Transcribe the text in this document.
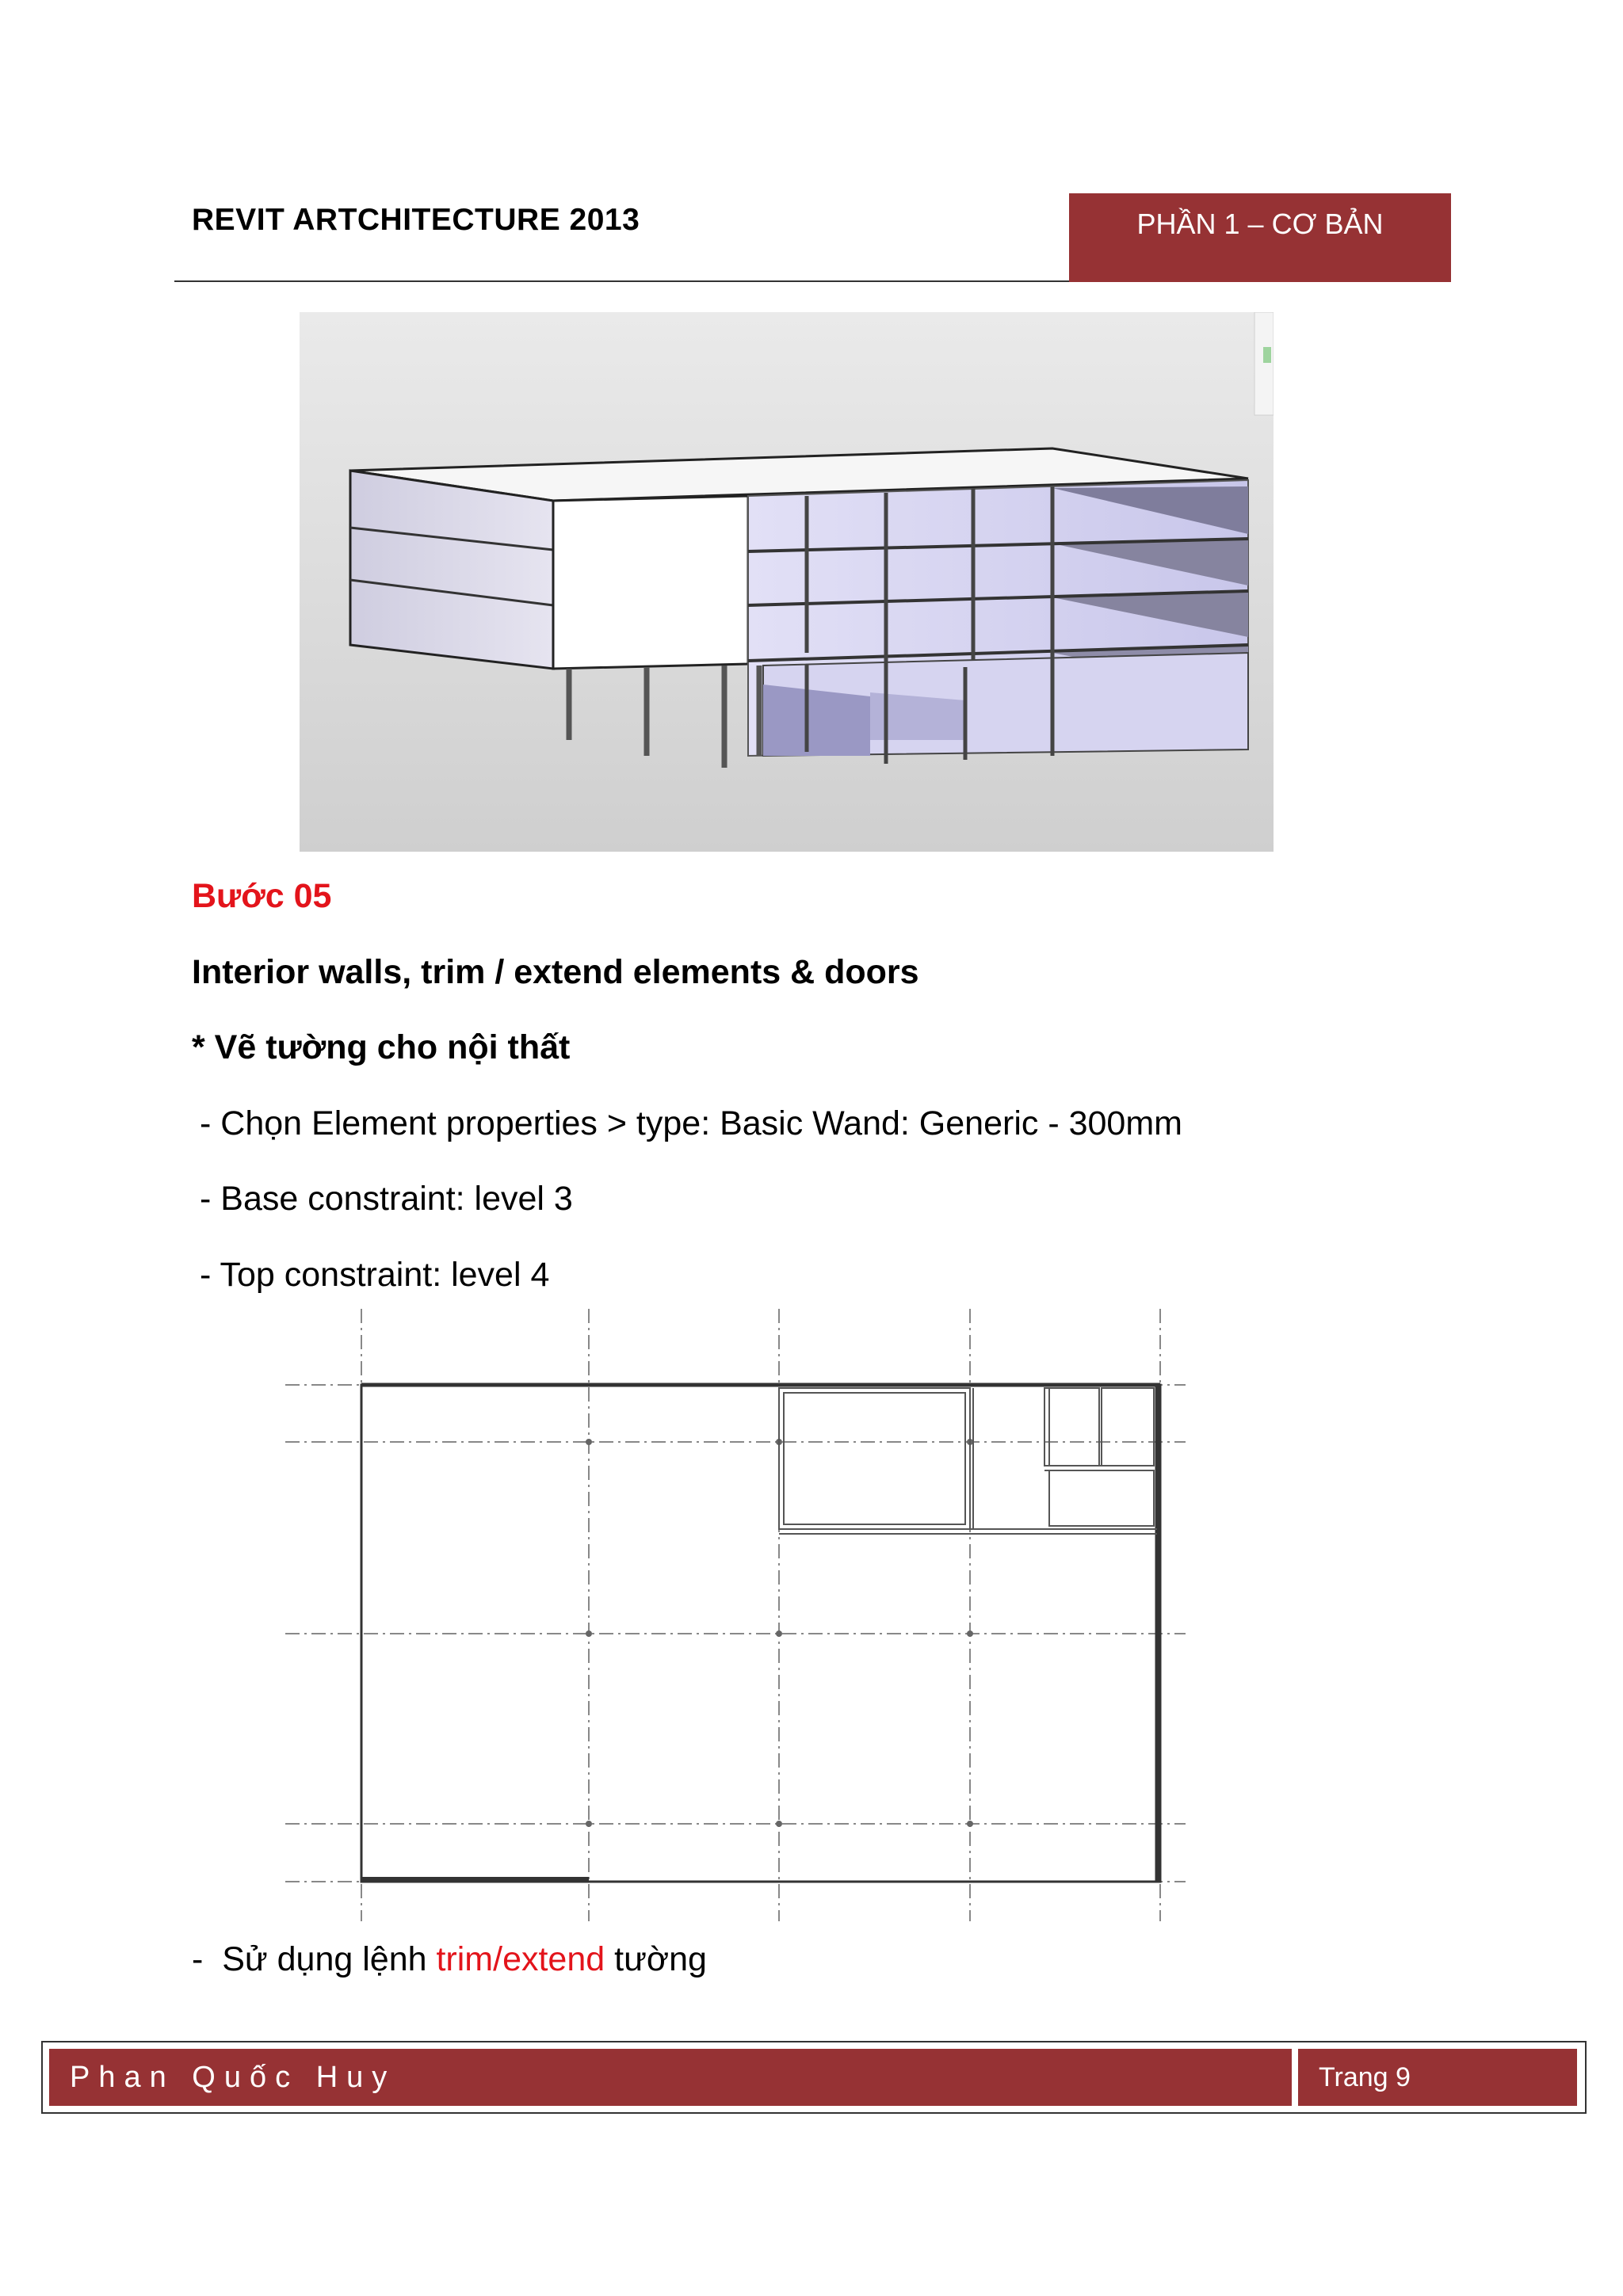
REVIT ARTCHITECTURE 2013	PHẦN 1 – CƠ BẢN
Bước 05
Interior walls, trim / extend elements & doors
* Vẽ tường cho nội thất
- Chọn Element properties > type: Basic Wand: Generic - 300mm
- Base constraint: level 3
- Top constraint: level 4
-  Sử dụng lệnh trim/extend tường
Phan Quốc Huy	Trang 9
